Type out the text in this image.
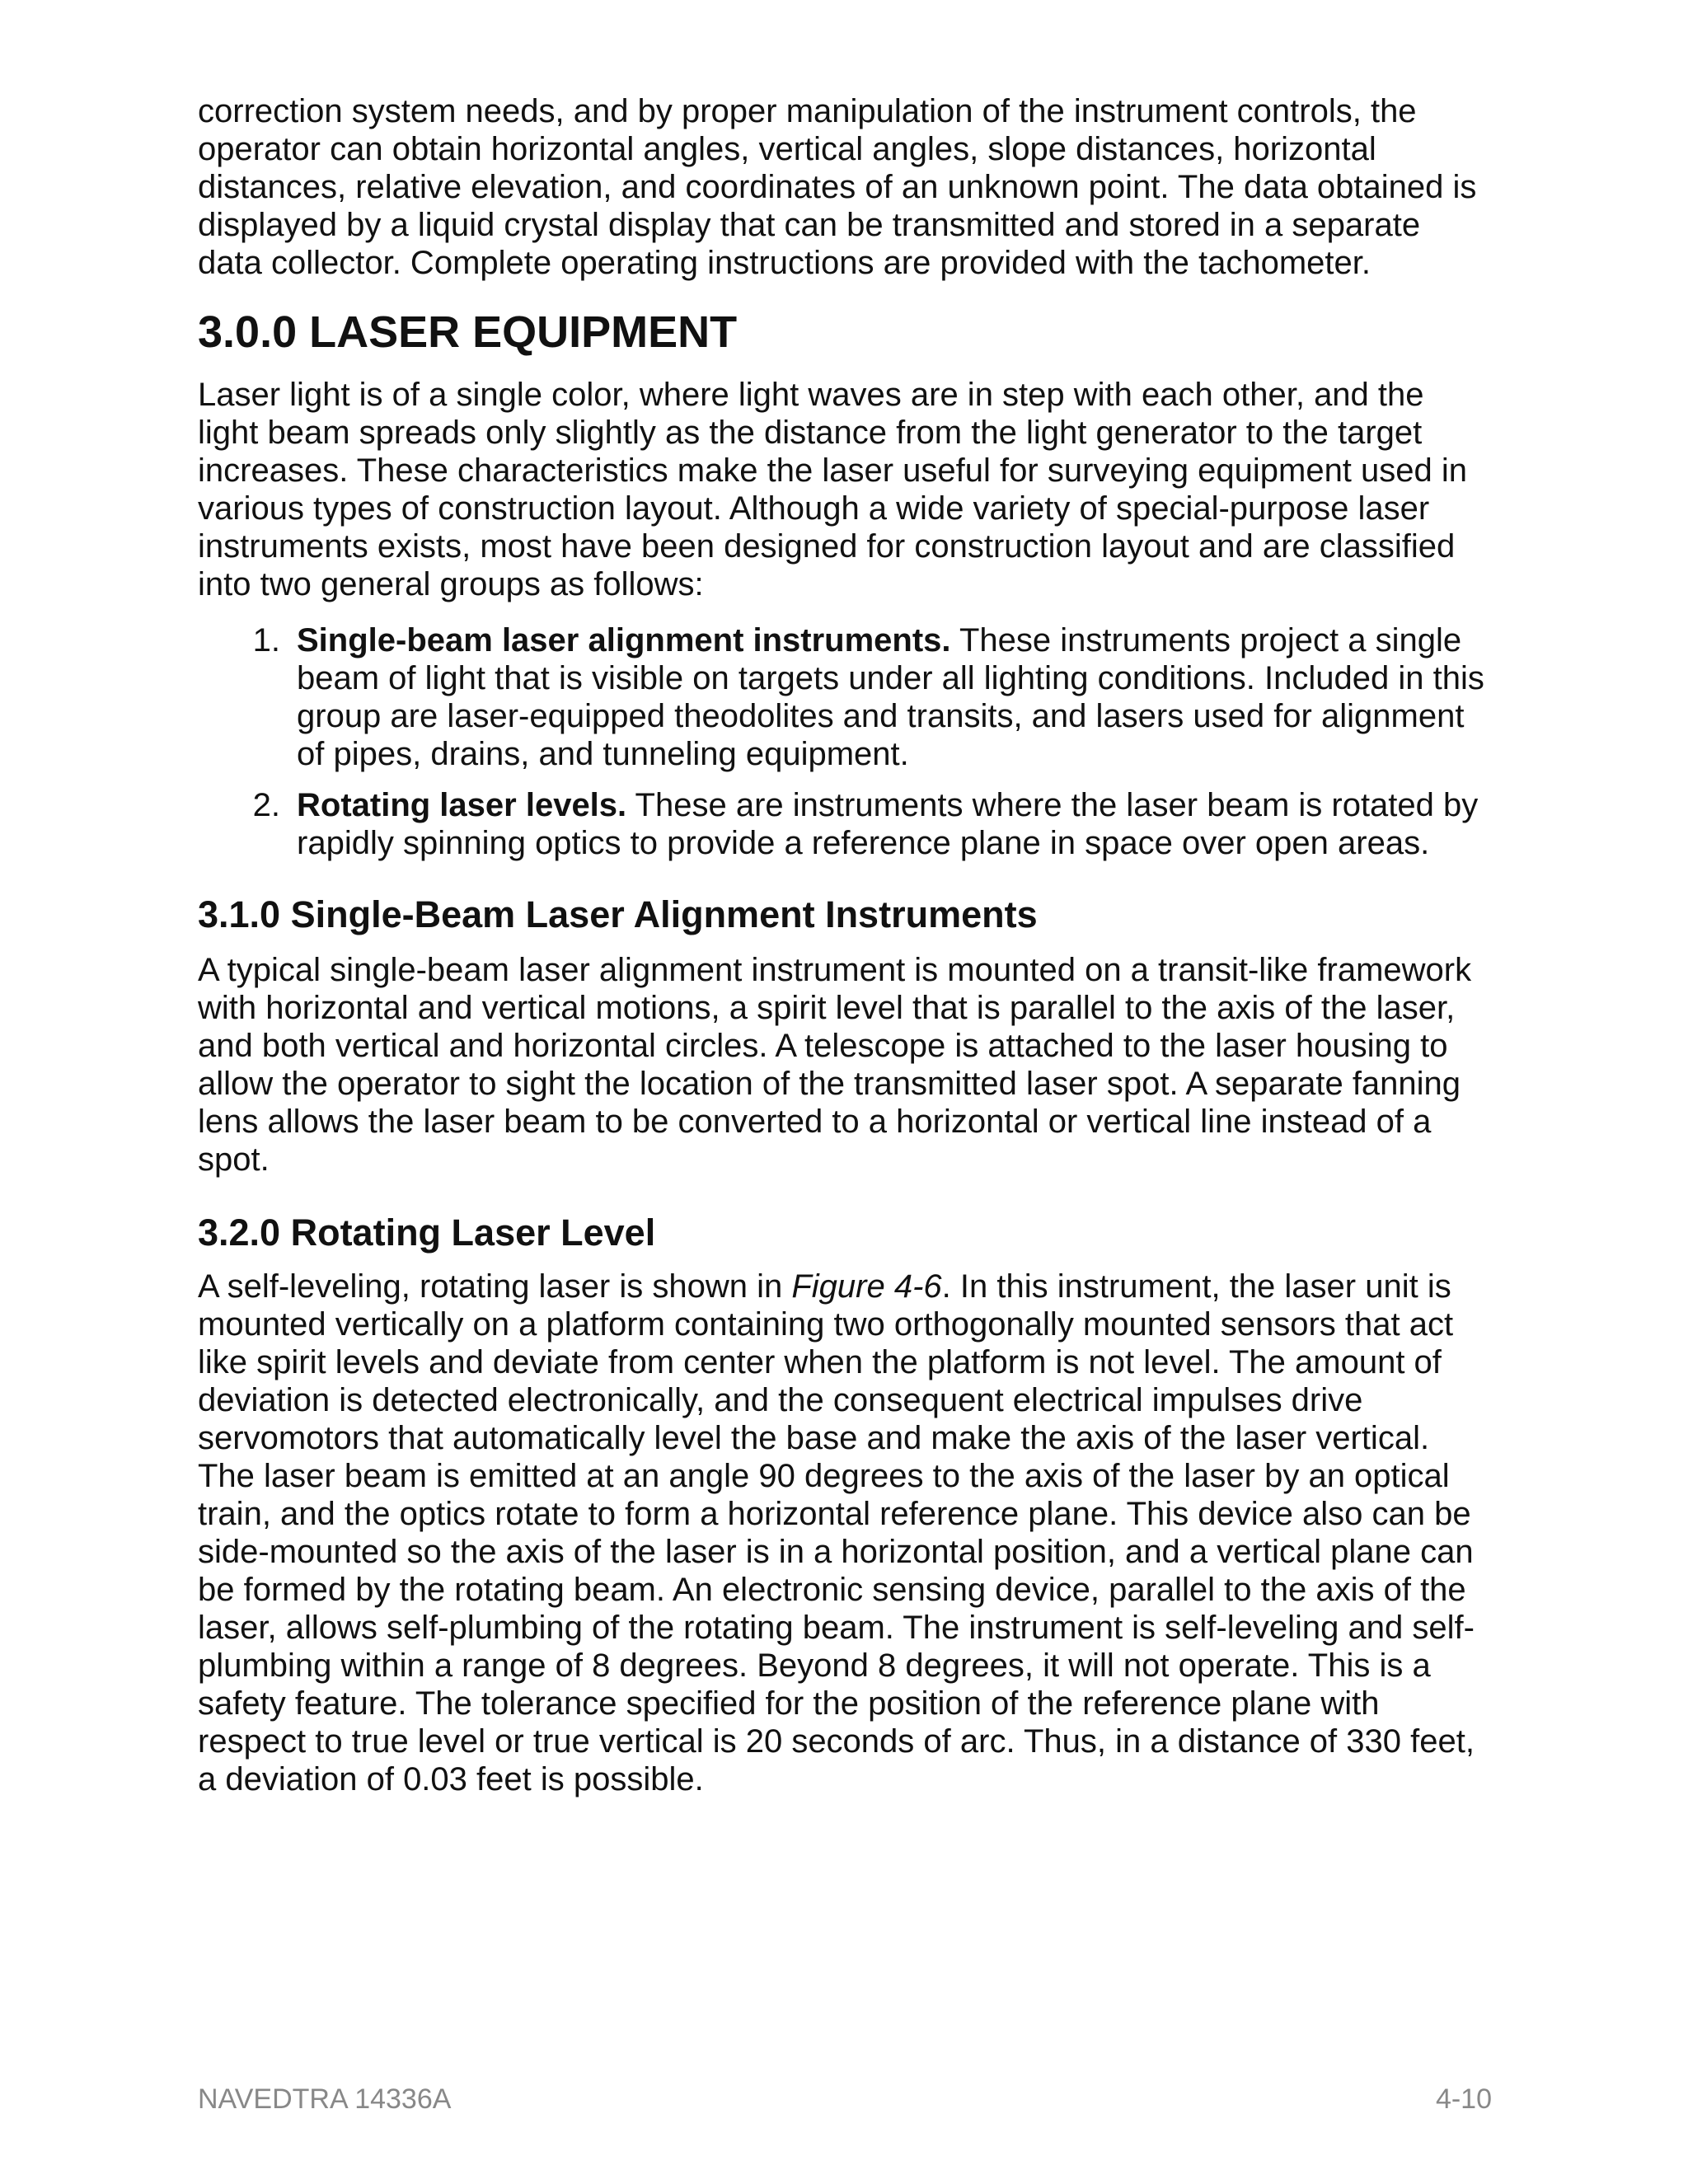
correction system needs, and by proper manipulation of the instrument controls, the operator can obtain horizontal angles, vertical angles, slope distances, horizontal distances, relative elevation, and coordinates of an unknown point. The data obtained is displayed by a liquid crystal display that can be transmitted and stored in a separate data collector. Complete operating instructions are provided with the tachometer.

3.0.0 LASER EQUIPMENT

Laser light is of a single color, where light waves are in step with each other, and the light beam spreads only slightly as the distance from the light generator to the target increases. These characteristics make the laser useful for surveying equipment used in various types of construction layout. Although a wide variety of special-purpose laser instruments exists, most have been designed for construction layout and are classified into two general groups as follows:

1. Single-beam laser alignment instruments. These instruments project a single beam of light that is visible on targets under all lighting conditions. Included in this group are laser-equipped theodolites and transits, and lasers used for alignment of pipes, drains, and tunneling equipment.
2. Rotating laser levels. These are instruments where the laser beam is rotated by rapidly spinning optics to provide a reference plane in space over open areas.
3.1.0 Single-Beam Laser Alignment Instruments

A typical single-beam laser alignment instrument is mounted on a transit-like framework with horizontal and vertical motions, a spirit level that is parallel to the axis of the laser, and both vertical and horizontal circles. A telescope is attached to the laser housing to allow the operator to sight the location of the transmitted laser spot. A separate fanning lens allows the laser beam to be converted to a horizontal or vertical line instead of a spot.

3.2.0 Rotating Laser Level

A self-leveling, rotating laser is shown in Figure 4-6. In this instrument, the laser unit is mounted vertically on a platform containing two orthogonally mounted sensors that act like spirit levels and deviate from center when the platform is not level. The amount of deviation is detected electronically, and the consequent electrical impulses drive servomotors that automatically level the base and make the axis of the laser vertical. The laser beam is emitted at an angle 90 degrees to the axis of the laser by an optical train, and the optics rotate to form a horizontal reference plane. This device also can be side-mounted so the axis of the laser is in a horizontal position, and a vertical plane can be formed by the rotating beam. An electronic sensing device, parallel to the axis of the laser, allows self-plumbing of the rotating beam. The instrument is self-leveling and self-plumbing within a range of 8 degrees. Beyond 8 degrees, it will not operate. This is a safety feature. The tolerance specified for the position of the reference plane with respect to true level or true vertical is 20 seconds of arc. Thus, in a distance of 330 feet, a deviation of 0.03 feet is possible.

NAVEDTRA 14336A	4-10
